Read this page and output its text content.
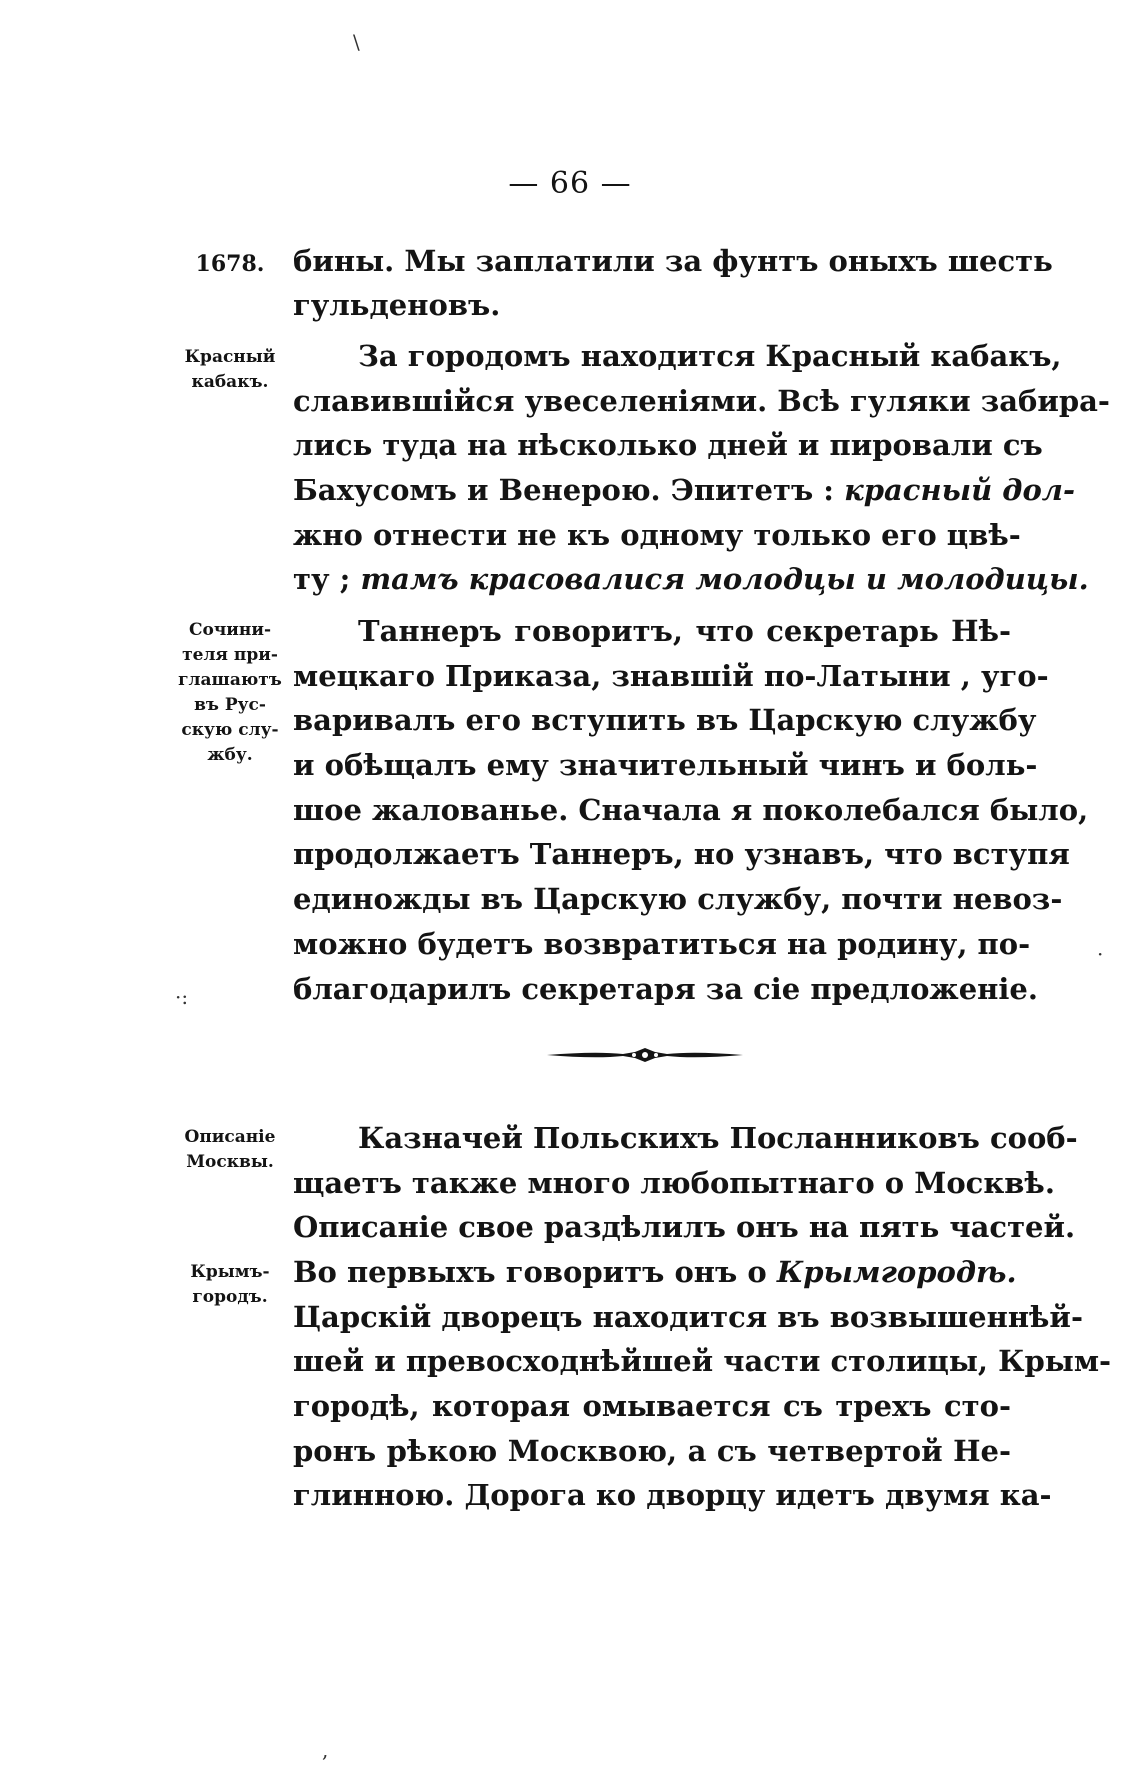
\
·
·:
,
— 66 —
1678.
Красный
кабакъ.
Сочини-
теля при-
глашаютъ
въ Рус-
скую слу-
жбу.
Описаніе
Москвы.
Крымъ-
городъ.
бины. Мы заплатили за фунтъ оныхъ шесть
гульденовъ.
За городомъ находится Красный кабакъ,
славившійся увеселеніями. Всѣ гуляки забира-
лись туда на нѣсколько дней и пировали съ
Бахусомъ и Венерою. Эпитетъ : красный дол-
жно отнести не къ одному только его цвѣ-
ту ; тамъ красовалися молодцы и молодицы.
Таннеръ говоритъ, что секретарь Нѣ-
мецкаго Приказа, знавшій по-Латыни , уго-
варивалъ его вступить въ Царскую службу
и обѣщалъ ему значительный чинъ и боль-
шое жалованье. Сначала я поколебался было,
продолжаетъ Таннеръ, но узнавъ, что вступя
единожды въ Царскую службу, почти невоз-
можно будетъ возвратиться на родину, по-
благодарилъ секретаря за сіе предложеніе.
Казначей Польскихъ Посланниковъ сооб-
щаетъ также много любопытнаго о Москвѣ.
Описаніе свое раздѣлилъ онъ на пять частей.
Во первыхъ говоритъ онъ о Крымгородѣ.
Царскій дворецъ находится въ возвышеннѣй-
шей и превосходнѣйшей части столицы, Крым-
городѣ, которая омывается съ трехъ сто-
ронъ рѣкою Москвою, а съ четвертой Не-
глинною. Дорога ко дворцу идетъ двумя ка-
